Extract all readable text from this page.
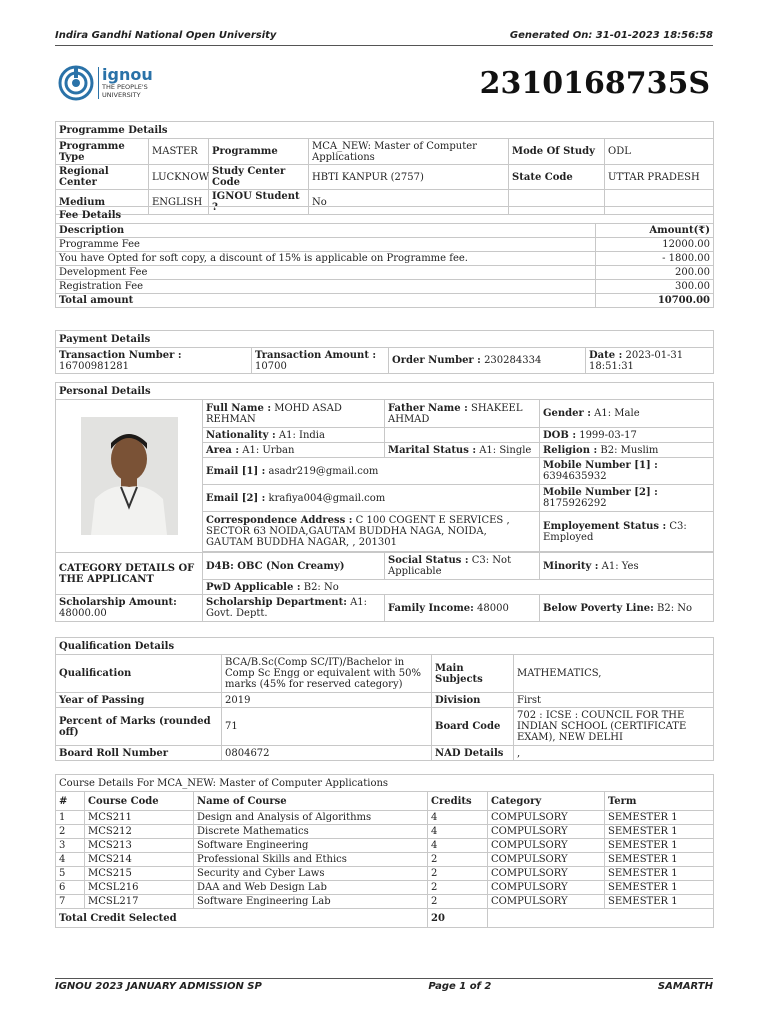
Indira Gandhi National Open University	Generated On: 31-01-2023 18:56:58
ignou
THE PEOPLE'S
UNIVERSITY	2310168735S
Programme Details					
Programme Type	MASTER	Programme	MCA_NEW: Master of Computer Applications	Mode Of Study	ODL
Regional Center	LUCKNOW	Study Center Code	HBTI KANPUR (2757)	State Code	UTTAR PRADESH
Medium	ENGLISH	IGNOU Student ?	No		
Fee Details	
Description	Amount(₹)
Programme Fee	12000.00
You have Opted for soft copy, a discount of 15% is applicable on Programme fee.	- 1800.00
Development Fee	200.00
Registration Fee	300.00
Total amount	10700.00
Payment Details
Transaction Number : 16700981281	Transaction Amount : 10700	Order Number : 230284334	Date : 2023-01-31 18:51:31
Personal Details			

	Full Name : MOHD ASAD REHMAN	Father Name : SHAKEEL AHMAD	Gender : A1: Male
	Nationality : A1: India		DOB : 1999-03-17
	Area : A1: Urban	Marital Status : A1: Single	Religion : B2: Muslim
	Email [1] : asadr219@gmail.com		Mobile Number [1] : 6394635932
	Email [2] : krafiya004@gmail.com		Mobile Number [2] : 8175926292
	Correspondence Address : C 100 COGENT E SERVICES , SECTOR 63 NOIDA,GAUTAM BUDDHA NAGA, NOIDA, GAUTAM BUDDHA NAGAR, , 201301		Employement Status : C3: Employed

CATEGORY DETAILS OF THE APPLICANT	D4B: OBC (Non Creamy)	Social Status : C3: Not Applicable	Minority : A1: Yes
	PwD Applicable : B2: No		
Scholarship Amount: 48000.00	Scholarship Department: A1: Govt. Deptt.	Family Income: 48000	Below Poverty Line: B2: No
Qualification Details			
Qualification	BCA/B.Sc(Comp SC/IT)/Bachelor in Comp Sc Engg or equivalent with 50% marks (45% for reserved category)	Main Subjects	MATHEMATICS,
Year of Passing	2019	Division	First
Percent of Marks (rounded off)	71	Board Code	702 : ICSE : COUNCIL FOR THE INDIAN SCHOOL (CERTIFICATE EXAM), NEW DELHI
Board Roll Number	0804672	NAD Details	,
Course Details For MCA_NEW: Master of Computer Applications					
#	Course Code	Name of Course	Credits	Category	Term
1	MCS211	Design and Analysis of Algorithms	4	COMPULSORY	SEMESTER 1
2	MCS212	Discrete Mathematics	4	COMPULSORY	SEMESTER 1
3	MCS213	Software Engineering	4	COMPULSORY	SEMESTER 1
4	MCS214	Professional Skills and Ethics	2	COMPULSORY	SEMESTER 1
5	MCS215	Security and Cyber Laws	2	COMPULSORY	SEMESTER 1
6	MCSL216	DAA and Web Design Lab	2	COMPULSORY	SEMESTER 1
7	MCSL217	Software Engineering Lab	2	COMPULSORY	SEMESTER 1
Total Credit Selected			20		
IGNOU 2023 JANUARY ADMISSION SP	Page 1 of 2	SAMARTH
